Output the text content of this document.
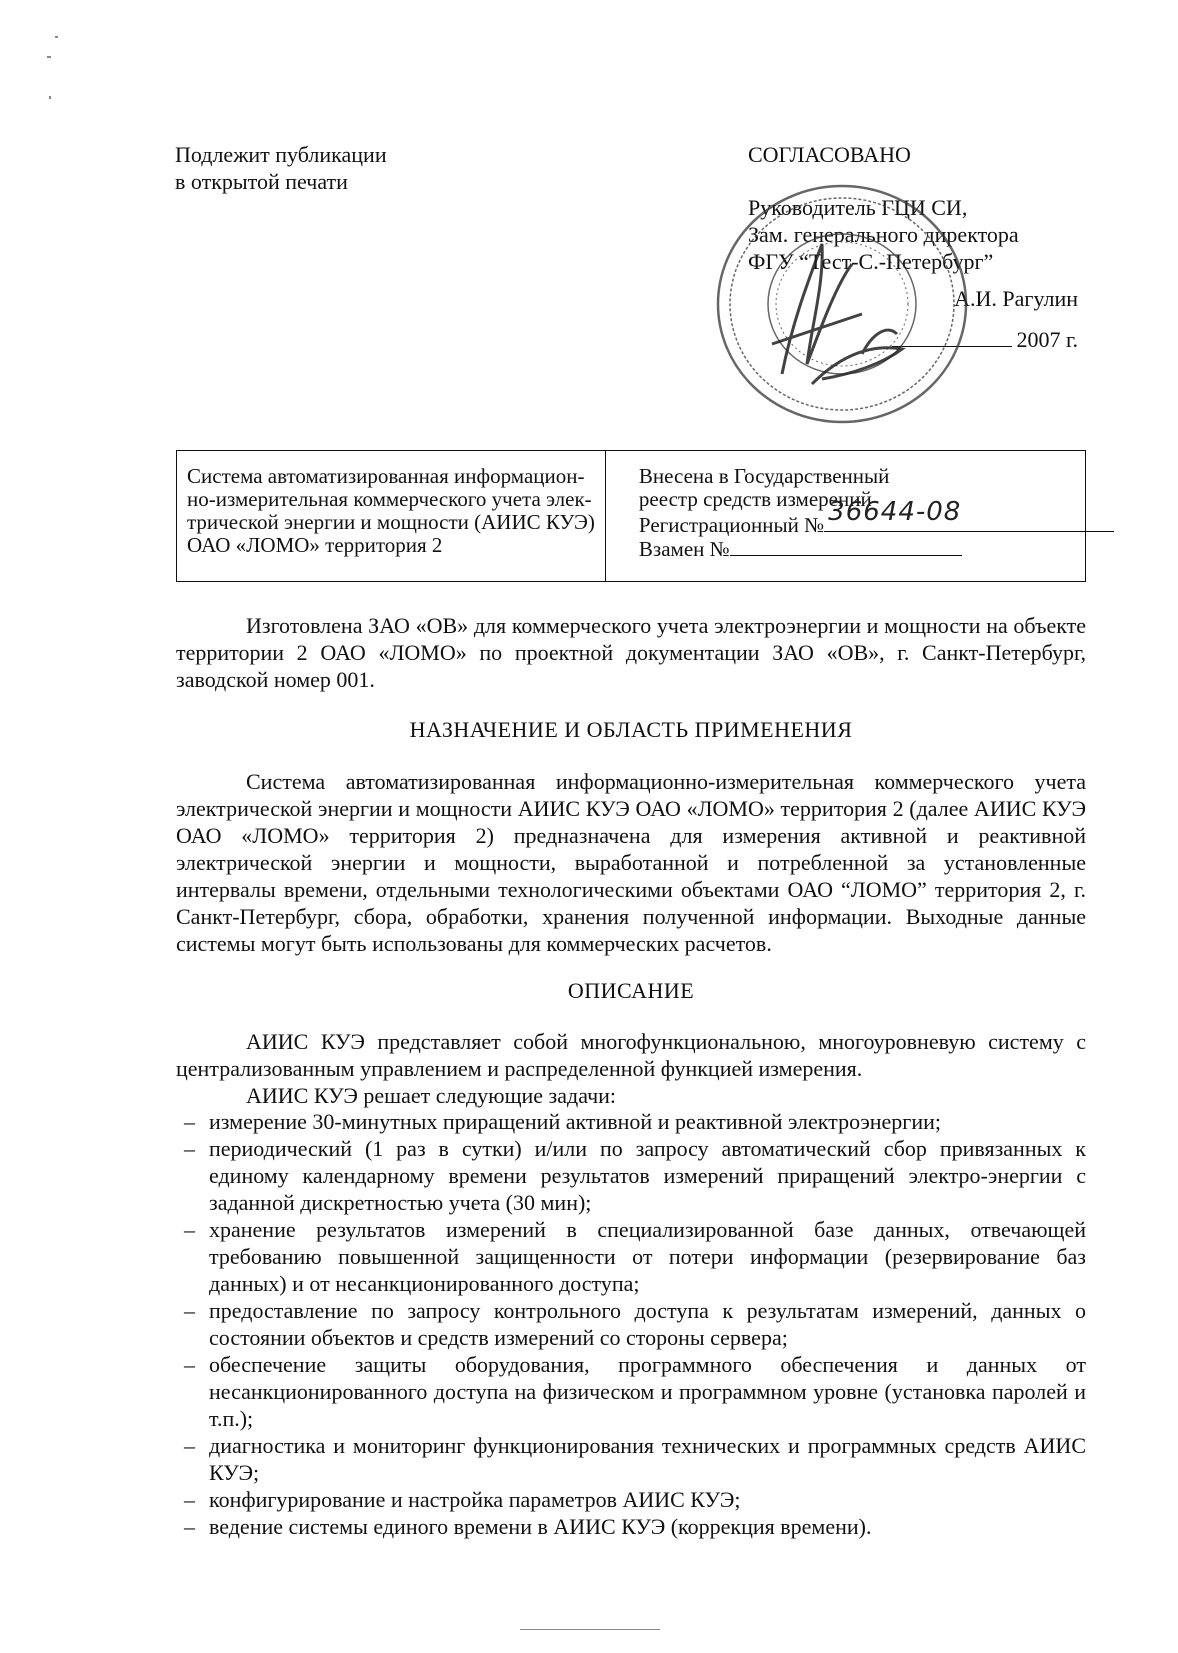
Подлежит публикации
в открытой печати
СОГЛАСОВАНО
Руководитель ГЦИ СИ,
Зам. генерального директора
ФГУ “Тест-С.-Петербург”
А.И. Рагулин
2007 г.
Система автоматизированная информацион-
но-измерительная коммерческого учета элек-
трической энергии и мощности (АИИС КУЭ)
ОАО «ЛОМО» территория 2
Внесена в Государственный
реестр средств измерений
Регистрационный № 36644-08
Взамен №
Изготовлена ЗАО «ОВ» для коммерческого учета электроэнергии и мощности на объекте территории 2 ОАО «ЛОМО» по проектной документации ЗАО «ОВ», г. Санкт-Петербург, заводской номер 001.
НАЗНАЧЕНИЕ И ОБЛАСТЬ ПРИМЕНЕНИЯ
Система автоматизированная информационно-измерительная коммерческого учета электрической энергии и мощности АИИС КУЭ ОАО «ЛОМО» территория 2 (далее АИИС КУЭ ОАО «ЛОМО» территория 2) предназначена для измерения активной и реактивной электрической энергии и мощности, выработанной и потребленной за установленные интервалы времени, отдельными технологическими объектами ОАО “ЛОМО” территория 2, г. Санкт-Петербург, сбора, обработки, хранения полученной информации. Выходные данные системы могут быть использованы для коммерческих расчетов.
ОПИСАНИЕ
АИИС КУЭ представляет собой многофункциональною, многоуровневую систему с централизованным управлением и распределенной функцией измерения.
АИИС КУЭ решает следующие задачи:
– измерение 30-минутных приращений активной и реактивной электроэнергии;
– периодический (1 раз в сутки) и/или по запросу автоматический сбор привязанных к единому календарному времени результатов измерений приращений электро-энергии с заданной дискретностью учета (30 мин);
– хранение результатов измерений в специализированной базе данных, отвечающей требованию повышенной защищенности от потери информации (резервирование баз данных) и от несанкционированного доступа;
– предоставление по запросу контрольного доступа к результатам измерений, данных о состоянии объектов и средств измерений со стороны сервера;
– обеспечение защиты оборудования, программного обеспечения и данных от несанкционированного доступа на физическом и программном уровне (установка паролей и т.п.);
– диагностика и мониторинг функционирования технических и программных средств АИИС КУЭ;
– конфигурирование и настройка параметров АИИС КУЭ;
– ведение системы единого времени в АИИС КУЭ (коррекция времени).
